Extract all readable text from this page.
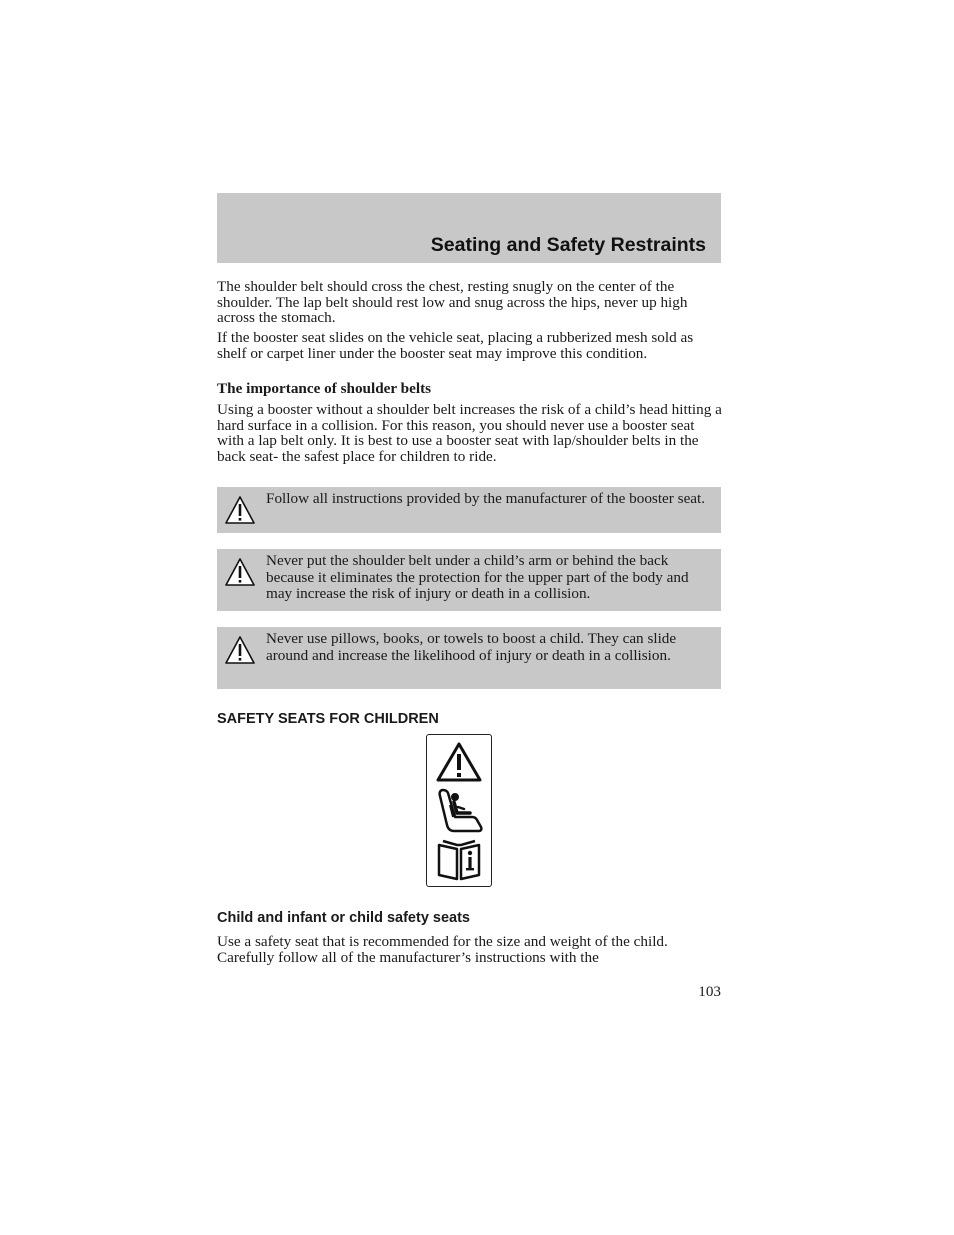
Seating and Safety Restraints

The shoulder belt should cross the chest, resting snugly on the center of the shoulder. The lap belt should rest low and snug across the hips, never up high across the stomach.

If the booster seat slides on the vehicle seat, placing a rubberized mesh sold as shelf or carpet liner under the booster seat may improve this condition.

The importance of shoulder belts

Using a booster without a shoulder belt increases the risk of a child’s head hitting a hard surface in a collision. For this reason, you should never use a booster seat with a lap belt only. It is best to use a booster seat with lap/shoulder belts in the back seat- the safest place for children to ride.

Follow all instructions provided by the manufacturer of the booster seat.
Never put the shoulder belt under a child’s arm or behind the back because it eliminates the protection for the upper part of the body and may increase the risk of injury or death in a collision.
Never use pillows, books, or towels to boost a child. They can slide around and increase the likelihood of injury or death in a collision.

SAFETY SEATS FOR CHILDREN

Child and infant or child safety seats

Use a safety seat that is recommended for the size and weight of the child. Carefully follow all of the manufacturer’s instructions with the

103
